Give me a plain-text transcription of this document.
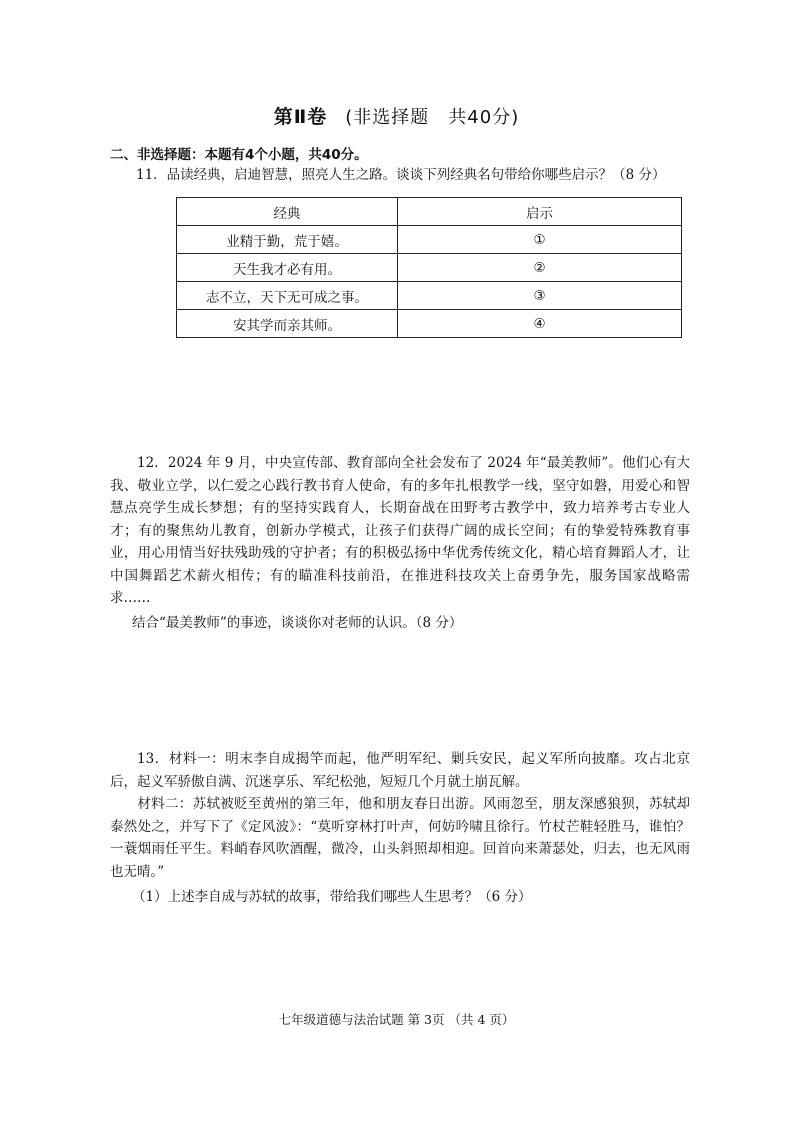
第Ⅱ卷 (非选择题　共40分)
二、非选择题：本题有4个小题，共40分。
11．品读经典，启迪智慧，照亮人生之路。谈谈下列经典名句带给你哪些启示？（8 分）
经典	启示
业精于勤，荒于嬉。	①
天生我才必有用。	②
志不立，天下无可成之事。	③
安其学而亲其师。	④
12．2024 年 9 月，中央宣传部、教育部向全社会发布了 2024 年“最美教师”。他们心有大我、敬业立学，以仁爱之心践行教书育人使命，有的多年扎根教学一线，坚守如磐，用爱心和智慧点亮学生成长梦想；有的坚持实践育人，长期奋战在田野考古教学中，致力培养考古专业人才；有的聚焦幼儿教育，创新办学模式，让孩子们获得广阔的成长空间；有的挚爱特殊教育事业，用心用情当好扶残助残的守护者；有的积极弘扬中华优秀传统文化，精心培育舞蹈人才，让中国舞蹈艺术薪火相传；有的瞄准科技前沿，在推进科技攻关上奋勇争先，服务国家战略需求……
结合“最美教师”的事迹，谈谈你对老师的认识。（8 分）
13．材料一：明末李自成揭竿而起，他严明军纪、剿兵安民，起义军所向披靡。攻占北京后，起义军骄傲自满、沉迷享乐、军纪松弛，短短几个月就土崩瓦解。
材料二：苏轼被贬至黄州的第三年，他和朋友春日出游。风雨忽至，朋友深感狼狈，苏轼却泰然处之，并写下了《定风波》：“莫听穿林打叶声，何妨吟啸且徐行。竹杖芒鞋轻胜马，谁怕？一蓑烟雨任平生。料峭春风吹酒醒，微冷，山头斜照却相迎。回首向来萧瑟处，归去，也无风雨也无晴。”
（1）上述李自成与苏轼的故事，带给我们哪些人生思考？（6 分）
七年级道德与法治试题 第 3页 （共 4 页）
